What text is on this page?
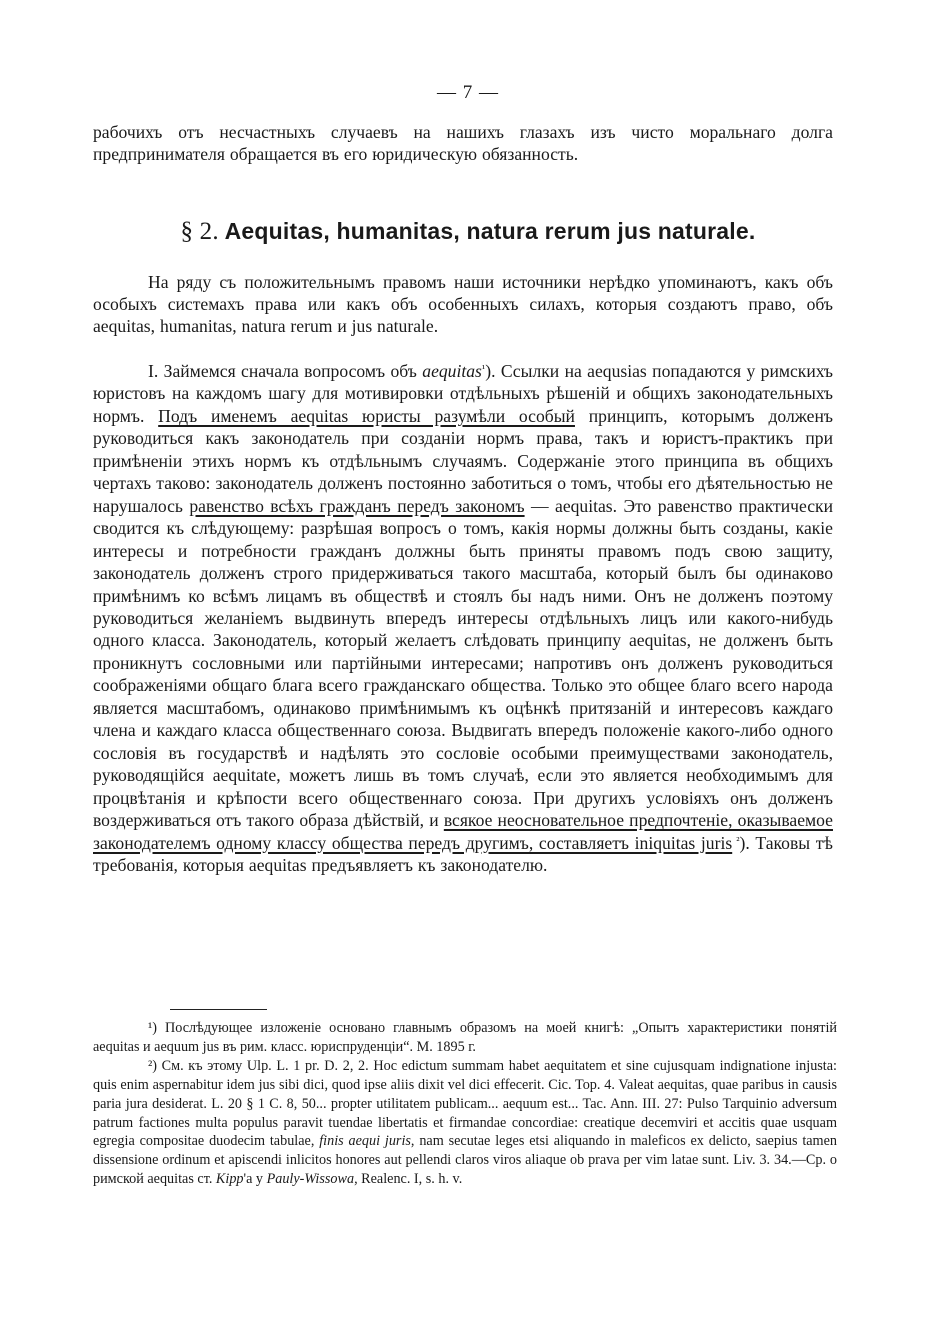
— 7 —

рабочихъ отъ несчастныхъ случаевъ на нашихъ глазахъ изъ чисто моральнаго долга предпринимателя обращается въ его юридическую обязанность.

§ 2. Aequitas, humanitas, natura rerum jus naturale.

На ряду съ положительнымъ правомъ наши источники нерѣдко упоминаютъ, какъ объ особыхъ системахъ права или какъ объ особенныхъ силахъ, которыя создаютъ право, объ aequitas, humanitas, natura rerum и jus naturale.

I. Займемся сначала вопросомъ объ aequitas$^{^1}$). Ссылки на aequsias попадаются у римскихъ юристовъ на каждомъ шагу для мотивировки отдѣльныхъ рѣшеній и общихъ законодательныхъ нормъ. Подъ именемъ aequitas юристы разумѣли особый принципъ, которымъ долженъ руководиться какъ законодатель при созданіи нормъ права, такъ и юристъ-практикъ при примѣненіи этихъ нормъ къ отдѣльнымъ случаямъ. Содержаніе этого принципа въ общихъ чертахъ таково: законодатель долженъ постоянно заботиться о томъ, чтобы его дѣятельностью не нарушалось равенство всѣхъ гражданъ передъ закономъ — aequitas. Это равенство практически сводится къ слѣдующему: разрѣшая вопросъ о томъ, какія нормы должны быть созданы, какіе интересы и потребности гражданъ должны быть приняты правомъ подъ свою защиту, законодатель долженъ строго придерживаться такого масштаба, который былъ бы одинаково примѣнимъ ко всѣмъ лицамъ въ обществѣ и стоялъ бы надъ ними. Онъ не долженъ поэтому руководиться желаніемъ выдвинуть впередъ интересы отдѣльныхъ лицъ или какого-нибудь одного класса. Законодатель, который желаетъ слѣдовать принципу aequitas, не долженъ быть проникнутъ сословными или партійными интересами; напротивъ онъ долженъ руководиться соображеніями общаго блага всего гражданскаго общества. Только это общее благо всего народа является масштабомъ, одинаково примѣнимымъ къ оцѣнкѣ притязаній и интересовъ каждаго члена и каждаго класса общественнаго союза. Выдвигать впередъ положеніе какого-либо одного сословія въ государствѣ и надѣлять это сословіе особыми преимуществами законодатель, руководящійся aequitate, можетъ лишь въ томъ случаѣ, если это является необходимымъ для процвѣтанія и крѣпости всего общественнаго союза. При другихъ условіяхъ онъ долженъ воздерживаться отъ такого образа дѣйствій, и всякое неосновательное предпочтеніе, оказываемое законодателемъ одному классу общества передъ другимъ, составляетъ iniquitas juris $^{^2}$). Таковы тѣ требованія, которыя aequitas предъявляетъ къ законодателю.

¹) Послѣдующее изложеніе основано главнымъ образомъ на моей книгѣ: „Опытъ характеристики понятій aequitas и aequum jus въ рим. класс. юриспруденціи“. М. 1895 г.

²) См. къ этому Ulp. L. 1 pr. D. 2, 2. Hoc edictum summam habet aequitatem et sine cujusquam indignatione injusta: quis enim aspernabitur idem jus sibi dici, quod ipse aliis dixit vel dici effecerit. Cic. Top. 4. Valeat aequitas, quae paribus in causis paria jura desiderat. L. 20 § 1 C. 8, 50... propter utilitatem publicam... aequum est... Tac. Ann. III. 27: Pulso Tarquinio adversum patrum factiones multa populus paravit tuendae libertatis et firmandae concordiae: creatique decemviri et accitis quae usquam egregia compositae duodecim tabulae, finis aequi juris, nam secutae leges etsi aliquando in maleficos ex delicto, saepius tamen dissensione ordinum et apiscendi inlicitos honores aut pellendi claros viros aliaque ob prava per vim latae sunt. Liv. 3. 34.—Ср. о римской aequitas ст. Kipp'а у Pauly-Wissowa, Realenc. I, s. h. v.
